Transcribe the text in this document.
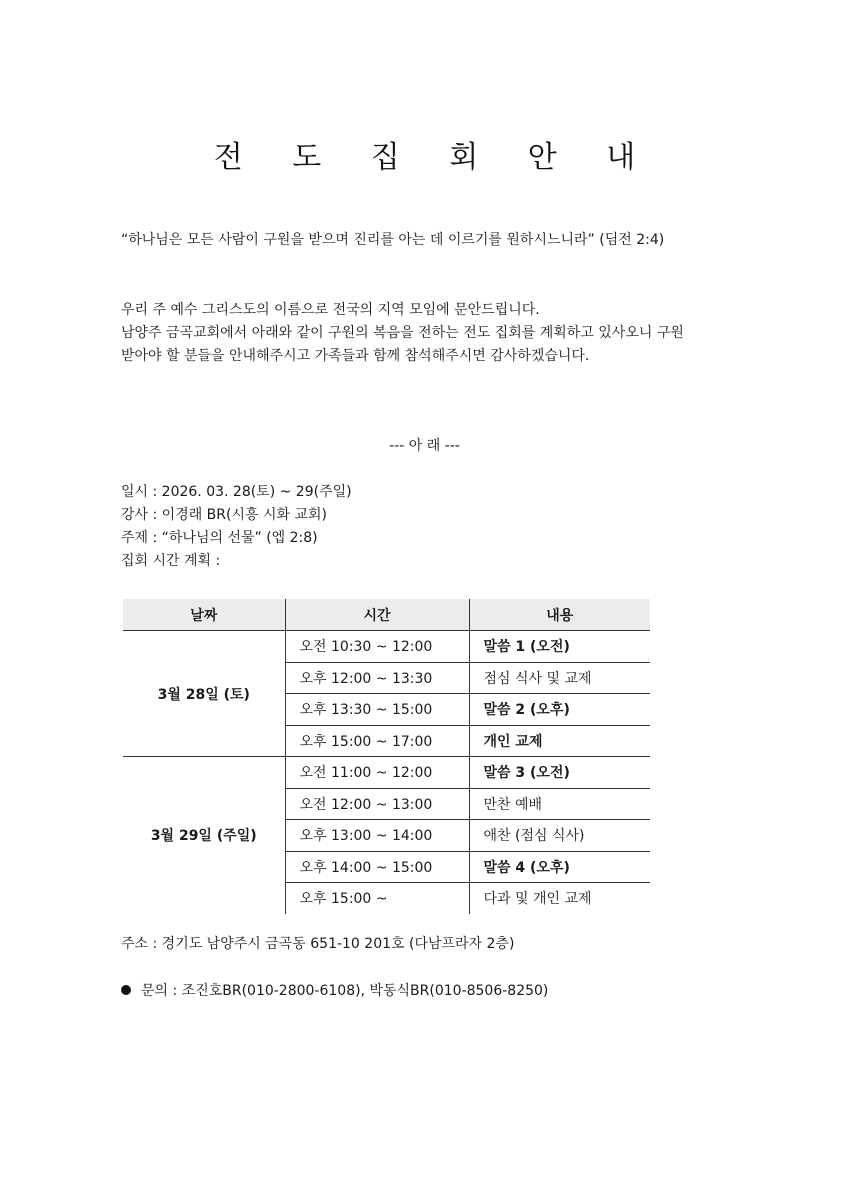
전 도 집 회 안 내
“하나님은 모든 사람이 구원을 받으며 진리를 아는 데 이르기를 원하시느니라” (딤전 2:4)
우리 주 예수 그리스도의 이름으로 전국의 지역 모임에 문안드립니다.
남양주 금곡교회에서 아래와 같이 구원의 복음을 전하는 전도 집회를 계획하고 있사오니 구원
받아야 할 분들을 안내해주시고 가족들과 함께 참석해주시면 감사하겠습니다.
--- 아 래 ---
일시 : 2026. 03. 28(토) ~ 29(주일)
강사 : 이경래 BR(시흥 시화 교회)
주제 : “하나님의 선물” (엡 2:8)
집회 시간 계획 :
날짜	시간	내용
3월 28일 (토)	오전 10:30 ~ 12:00	말씀 1 (오전)
	오후 12:00 ~ 13:30	점심 식사 및 교제
	오후 13:30 ~ 15:00	말씀 2 (오후)
	오후 15:00 ~ 17:00	개인 교제
3월 29일 (주일)	오전 11:00 ~ 12:00	말씀 3 (오전)
	오전 12:00 ~ 13:00	만찬 예배
	오후 13:00 ~ 14:00	애찬 (점심 식사)
	오후 14:00 ~ 15:00	말씀 4 (오후)
	오후 15:00 ~	다과 및 개인 교제
주소 : 경기도 남양주시 금곡동 651-10 201호 (다남프라자 2층)
문의 : 조진호BR(010-2800-6108), 박동식BR(010-8506-8250)
